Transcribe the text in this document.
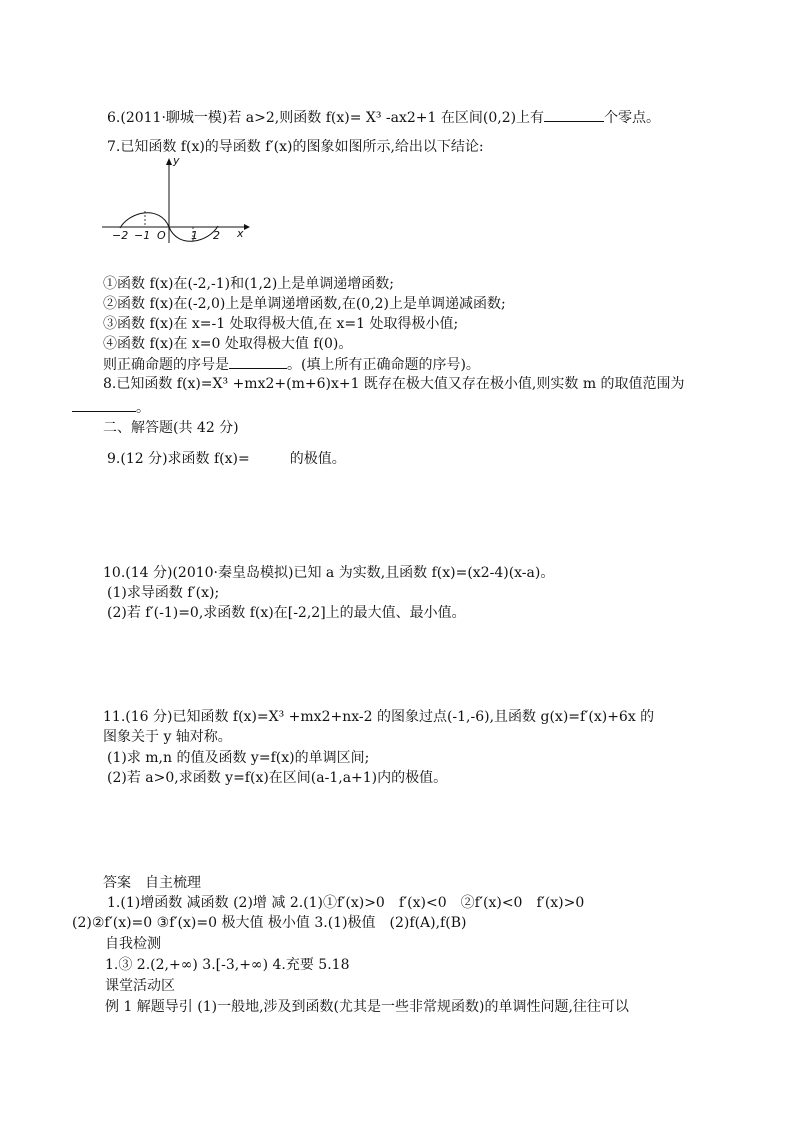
6.(2011·聊城一模)若 a>2,则函数 f(x)= X³ -ax2+1 在区间(0,2)上有	个零点。
7.已知函数 f(x)的导函数 f′(x)的图象如图所示,给出以下结论:
y
x
O
−2 −1	1 2
①函数 f(x)在(-2,-1)和(1,2)上是单调递增函数;
②函数 f(x)在(-2,0)上是单调递增函数,在(0,2)上是单调递减函数;
③函数 f(x)在 x=-1 处取得极大值,在 x=1 处取得极小值;
④函数 f(x)在 x=0 处取得极大值 f(0)。
则正确命题的序号是	。(填上所有正确命题的序号)。
8.已知函数 f(x)=X³ +mx2+(m+6)x+1 既存在极大值又存在极小值,则实数 m 的取值范围为
。
二、解答题(共 42 分)
9.(12 分)求函数 f(x)=	的极值。
10.(14 分)(2010·秦皇岛模拟)已知 a 为实数,且函数 f(x)=(x2-4)(x-a)。
(1)求导函数 f′(x);
(2)若 f′(-1)=0,求函数 f(x)在[-2,2]上的最大值、最小值。
11.(16 分)已知函数 f(x)=X³ +mx2+nx-2 的图象过点(-1,-6),且函数 g(x)=f′(x)+6x 的
图象关于 y 轴对称。
(1)求 m,n 的值及函数 y=f(x)的单调区间;
(2)若 a>0,求函数 y=f(x)在区间(a-1,a+1)内的极值。
答案　自主梳理
1.(1)增函数 减函数 (2)增 减 2.(1)①f′(x)>0　f′(x)<0　②f′(x)<0　f′(x)>0
(2)②f′(x)=0 ③f′(x)=0 极大值 极小值 3.(1)极值　(2)f(A),f(B)
自我检测
1.③ 2.(2,+∞) 3.[-3,+∞) 4.充要 5.18
课堂活动区
例 1 解题导引 (1)一般地,涉及到函数(尤其是一些非常规函数)的单调性问题,往往可以
